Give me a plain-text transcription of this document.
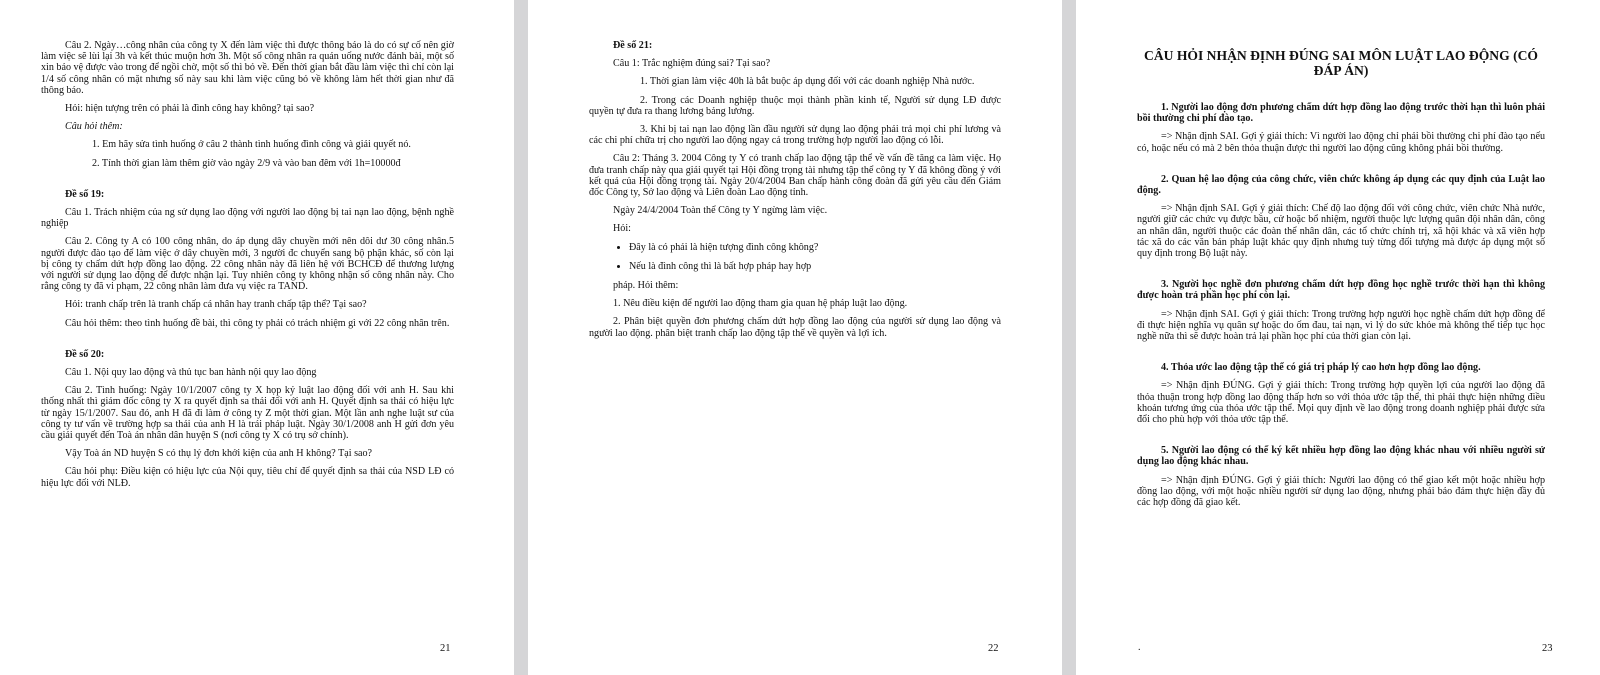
Câu 2. Ngày…công nhân của công ty X đến làm việc thì được thông báo là do có sự cố nên giờ làm việc sẽ lùi lại 3h và kết thúc muộn hơn 3h. Một số công nhân ra quán uống nước đánh bài, một số xin bảo vệ được vào trong để ngồi chờ, một số thì bỏ về. Đến thời gian bắt đầu làm việc thì chỉ còn lại 1/4 số công nhân có mặt nhưng số này sau khi làm việc cũng bỏ về không làm hết thời gian như đã thông báo.

Hỏi: hiện tượng trên có phải là đình công hay không? tại sao?

Câu hỏi thêm:

1. Em hãy sửa tình huống ở câu 2 thành tình huống đình công và giải quyết nó.

2. Tính thời gian làm thêm giờ vào ngày 2/9 và vào ban đêm với 1h=10000đ

Đề số 19:

Câu 1. Trách nhiệm của ng sử dụng lao động với người lao động bị tai nạn lao động, bệnh nghề nghiệp

Câu 2. Công ty A có 100 công nhân, do áp dụng dây chuyền mới nên dôi dư 30 công nhân.5 người được đào tạo để làm việc ở dây chuyền mới, 3 người đc chuyển sang bộ phận khác, số còn lại bị công ty chấm dứt hợp đồng lao động. 22 công nhân này đã liên hệ với BCHCĐ để thương lượng với người sử dụng lao động để được nhận lại. Tuy nhiên công ty không nhận số công nhân này. Cho rằng công ty đã vi phạm, 22 công nhân làm đưa vụ việc ra TAND.

Hỏi: tranh chấp trên là tranh chấp cá nhân hay tranh chấp tập thể? Tại sao?

Câu hỏi thêm: theo tình huống đề bài, thì công ty phải có trách nhiệm gì với 22 công nhân trên.

Đề số 20:

Câu 1. Nội quy lao động và thủ tục ban hành nội quy lao động

Câu 2. Tình huống: Ngày 10/1/2007 công ty X họp kỷ luật lao động đối với anh H. Sau khi thống nhất thì giám đốc công ty X ra quyết định sa thải đối với anh H. Quyết định sa thải có hiệu lực từ ngày 15/1/2007. Sau đó, anh H đã đi làm ở công ty Z một thời gian. Một lần anh nghe luật sư của công ty tư vấn về trường hợp sa thải của anh H là trái pháp luật. Ngày 30/1/2008 anh H gửi đơn yêu cầu giải quyết đến Toà án nhân dân huyện S (nơi công ty X có trụ sở chính).

Vậy Toà án ND huyện S có thụ lý đơn khởi kiện của anh H không? Tại sao?

Câu hỏi phụ: Điều kiện có hiệu lực của Nội quy, tiêu chí để quyết định sa thải của NSD LĐ có hiệu lực đối với NLĐ.

21

Đề số 21:

Câu 1: Trắc nghiệm đúng sai? Tại sao?

1. Thời gian làm việc 40h là bắt buộc áp dụng đối với các doanh nghiệp Nhà nước.

2. Trong các Doanh nghiệp thuộc mọi thành phần kinh tế, Người sử dụng LĐ được quyền tự đưa ra thang lương bảng lương.

3. Khi bị tai nạn lao động lần đầu người sử dụng lao động phải trả mọi chi phí lương và các chi phí chữa trị cho người lao động ngay cả trong trường hợp người lao động có lỗi.

Câu 2: Tháng 3. 2004 Công ty Y có tranh chấp lao động tập thể về vấn đề tăng ca làm việc. Họ đưa tranh chấp này qua giải quyết tại Hội đồng trọng tài nhưng tập thể công ty Y đã không đồng ý với kết quả của Hội đồng trọng tài. Ngày 20/4/2004 Ban chấp hành công đoàn đã gửi yêu cầu đến Giám đốc Công ty, Sở lao động và Liên đoàn Lao động tỉnh.

Ngày 24/4/2004 Toàn thể Công ty Y ngừng làm việc.

Hỏi:

• Đây là có phải là hiện tượng đình công không?
• Nếu là đình công thì là bất hợp pháp hay hợp

pháp. Hỏi thêm:

1. Nêu điều kiện để người lao động tham gia quan hệ pháp luật lao động.

2. Phân biệt quyền đơn phương chấm dứt hợp đồng lao động của người sử dụng lao động và người lao động. phân biệt tranh chấp lao động tập thể về quyền và lợi ích.

22
CÂU HỎI NHẬN ĐỊNH ĐÚNG SAI MÔN LUẬT LAO ĐỘNG (CÓ ĐÁP ÁN)

1. Người lao động đơn phương chấm dứt hợp đồng lao động trước thời hạn thì luôn phải bồi thường chi phí đào tạo.

=> Nhận định SAI. Gợi ý giải thích: Vì người lao động chỉ phải bồi thường chi phí đào tạo nếu có, hoặc nếu có mà 2 bên thỏa thuận được thì người lao động cũng không phải bồi thường.

2. Quan hệ lao động của công chức, viên chức không áp dụng các quy định của Luật lao động.

=> Nhận định SAI. Gợi ý giải thích: Chế độ lao động đối với công chức, viên chức Nhà nước, người giữ các chức vụ được bầu, cử hoặc bổ nhiệm, người thuộc lực lượng quân đội nhân dân, công an nhân dân, người thuộc các đoàn thể nhân dân, các tổ chức chính trị, xã hội khác và xã viên hợp tác xã do các văn bản pháp luật khác quy định nhưng tuỳ từng đối tượng mà được áp dụng một số quy định trong Bộ luật này.

3. Người học nghề đơn phương chấm dứt hợp đồng học nghề trước thời hạn thì không được hoàn trả phần học phí còn lại.

=> Nhận định SAI. Gợi ý giải thích: Trong trường hợp người học nghề chấm dứt hợp đồng để đi thực hiện nghĩa vụ quân sự hoặc do ốm đau, tai nạn, vì lý do sức khỏe mà không thể tiếp tục học nghề nữa thì sẽ được hoàn trả lại phần học phí của thời gian còn lại.

4. Thỏa ước lao động tập thể có giá trị pháp lý cao hơn hợp đồng lao động.

=> Nhận định ĐÚNG. Gợi ý giải thích: Trong trường hợp quyền lợi của người lao động đã thỏa thuận trong hợp đồng lao động thấp hơn so với thỏa ước tập thể, thì phải thực hiện những điều khoản tương ứng của thỏa ước tập thể. Mọi quy định về lao động trong doanh nghiệp phải được sửa đổi cho phù hợp với thỏa ước tập thể.

5. Người lao động có thể ký kết nhiều hợp đồng lao động khác nhau với nhiều người sử dụng lao động khác nhau.

=> Nhận định ĐÚNG. Gợi ý giải thích: Người lao động có thể giao kết một hoặc nhiều hợp đồng lao động, với một hoặc nhiều người sử dụng lao động, nhưng phải bảo đảm thực hiện đầy đủ các hợp đồng đã giao kết.

.	23
